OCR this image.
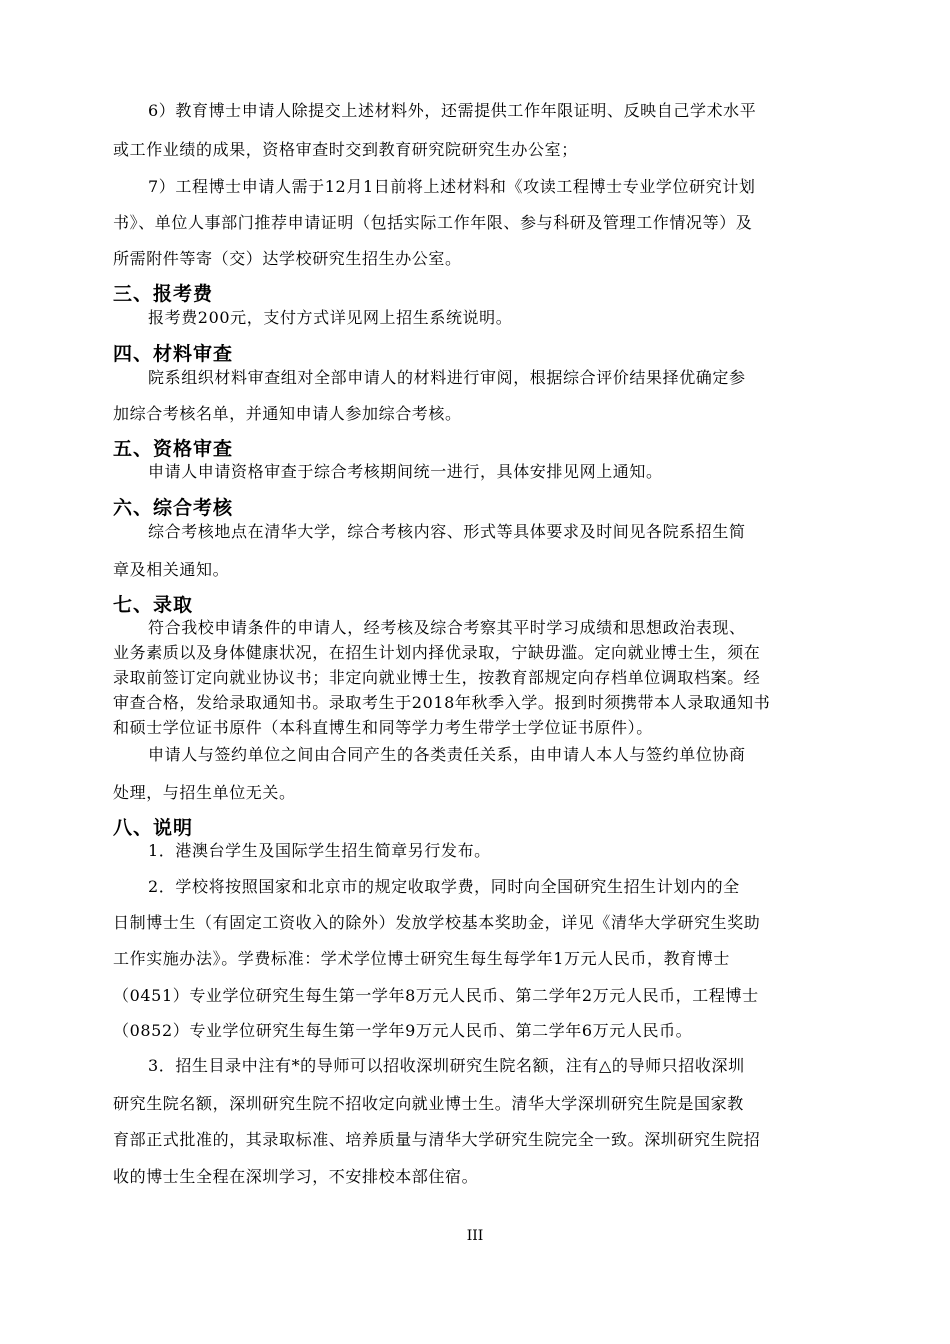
6）教育博士申请人除提交上述材料外，还需提供工作年限证明、反映自己学术水平
或工作业绩的成果，资格审查时交到教育研究院研究生办公室；
7）工程博士申请人需于12月1日前将上述材料和《攻读工程博士专业学位研究计划
书》、单位人事部门推荐申请证明（包括实际工作年限、参与科研及管理工作情况等）及
所需附件等寄（交）达学校研究生招生办公室。
三、报考费
报考费200元，支付方式详见网上招生系统说明。
四、材料审查
院系组织材料审查组对全部申请人的材料进行审阅，根据综合评价结果择优确定参
加综合考核名单，并通知申请人参加综合考核。
五、资格审查
申请人申请资格审查于综合考核期间统一进行，具体安排见网上通知。
六、综合考核
综合考核地点在清华大学，综合考核内容、形式等具体要求及时间见各院系招生简
章及相关通知。
七、录取
符合我校申请条件的申请人，经考核及综合考察其平时学习成绩和思想政治表现、
业务素质以及身体健康状况，在招生计划内择优录取，宁缺毋滥。定向就业博士生，须在
录取前签订定向就业协议书；非定向就业博士生，按教育部规定向存档单位调取档案。经
审查合格，发给录取通知书。录取考生于2018年秋季入学。报到时须携带本人录取通知书
和硕士学位证书原件（本科直博生和同等学力考生带学士学位证书原件）。
申请人与签约单位之间由合同产生的各类责任关系，由申请人本人与签约单位协商
处理，与招生单位无关。
八、说明
1．港澳台学生及国际学生招生简章另行发布。
2．学校将按照国家和北京市的规定收取学费，同时向全国研究生招生计划内的全
日制博士生（有固定工资收入的除外）发放学校基本奖助金，详见《清华大学研究生奖助
工作实施办法》。学费标准：学术学位博士研究生每生每学年1万元人民币，教育博士
（0451）专业学位研究生每生第一学年8万元人民币、第二学年2万元人民币，工程博士
（0852）专业学位研究生每生第一学年9万元人民币、第二学年6万元人民币。
3．招生目录中注有*的导师可以招收深圳研究生院名额，注有△的导师只招收深圳
研究生院名额，深圳研究生院不招收定向就业博士生。清华大学深圳研究生院是国家教
育部正式批准的，其录取标准、培养质量与清华大学研究生院完全一致。深圳研究生院招
收的博士生全程在深圳学习，不安排校本部住宿。
III
